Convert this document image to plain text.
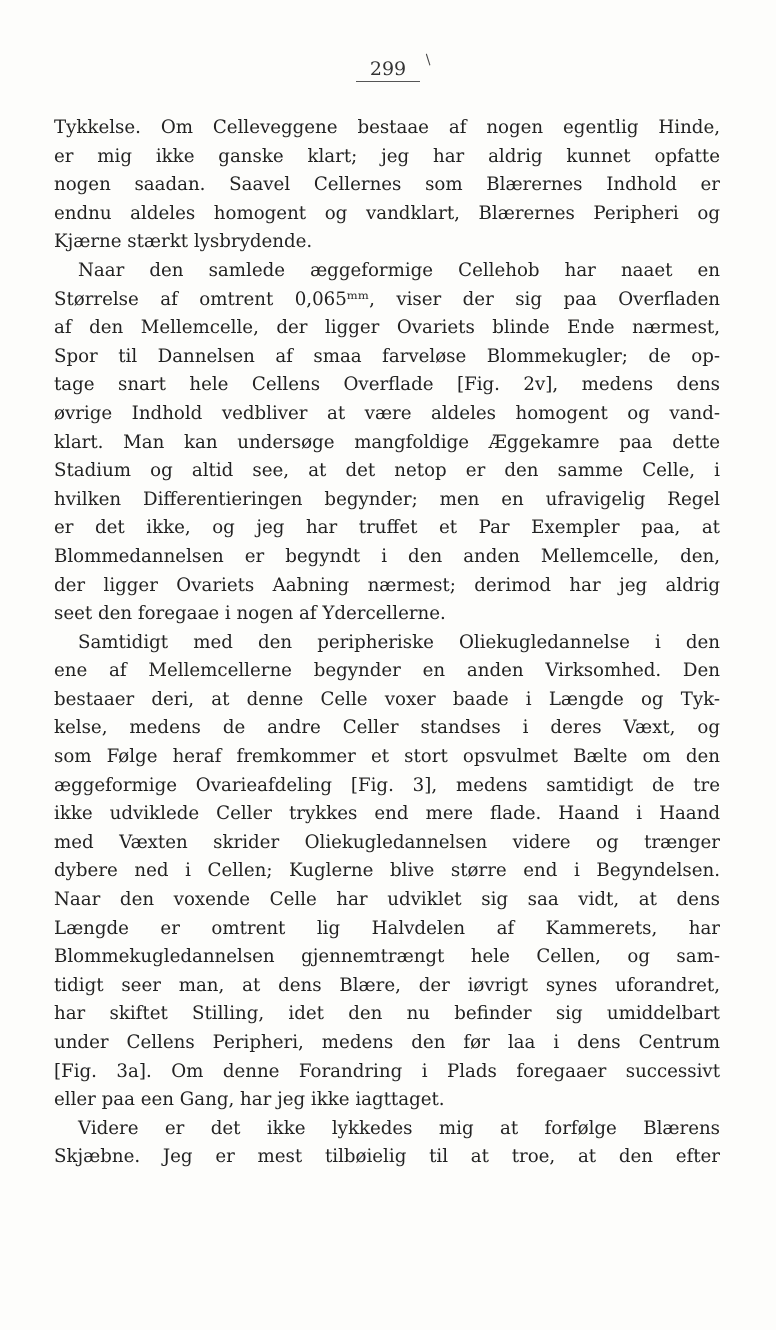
299	/
Tykkelse. Om Celleveggene bestaae af nogen egentlig Hinde,
er mig ikke ganske klart; jeg har aldrig kunnet opfatte
nogen saadan. Saavel Cellernes som Blærernes Indhold er
endnu aldeles homogent og vandklart, Blærernes Peripheri og
Kjærne stærkt lysbrydende.
Naar den samlede æggeformige Cellehob har naaet en
Størrelse af omtrent 0,065ᵐᵐ, viser der sig paa Overfladen
af den Mellemcelle, der ligger Ovariets blinde Ende nærmest,
Spor til Dannelsen af smaa farveløse Blommekugler; de op-
tage snart hele Cellens Overflade [Fig. 2v], medens dens
øvrige Indhold vedbliver at være aldeles homogent og vand-
klart. Man kan undersøge mangfoldige Æggekamre paa dette
Stadium og altid see, at det netop er den samme Celle, i
hvilken Differentieringen begynder; men en ufravigelig Regel
er det ikke, og jeg har truffet et Par Exempler paa, at
Blommedannelsen er begyndt i den anden Mellemcelle, den,
der ligger Ovariets Aabning nærmest; derimod har jeg aldrig
seet den foregaae i nogen af Ydercellerne.
Samtidigt med den peripheriske Oliekugledannelse i den
ene af Mellemcellerne begynder en anden Virksomhed. Den
bestaaer deri, at denne Celle voxer baade i Længde og Tyk-
kelse, medens de andre Celler standses i deres Væxt, og
som Følge heraf fremkommer et stort opsvulmet Bælte om den
æggeformige Ovarieafdeling [Fig. 3], medens samtidigt de tre
ikke udviklede Celler trykkes end mere flade. Haand i Haand
med Væxten skrider Oliekugledannelsen videre og trænger
dybere ned i Cellen; Kuglerne blive større end i Begyndelsen.
Naar den voxende Celle har udviklet sig saa vidt, at dens
Længde er omtrent lig Halvdelen af Kammerets, har
Blommekugledannelsen gjennemtrængt hele Cellen, og sam-
tidigt seer man, at dens Blære, der iøvrigt synes uforandret,
har skiftet Stilling, idet den nu befinder sig umiddelbart
under Cellens Peripheri, medens den før laa i dens Centrum
[Fig. 3a]. Om denne Forandring i Plads foregaaer successivt
eller paa een Gang, har jeg ikke iagttaget.
Videre er det ikke lykkedes mig at forfølge Blærens
Skjæbne. Jeg er mest tilbøielig til at troe, at den efter
